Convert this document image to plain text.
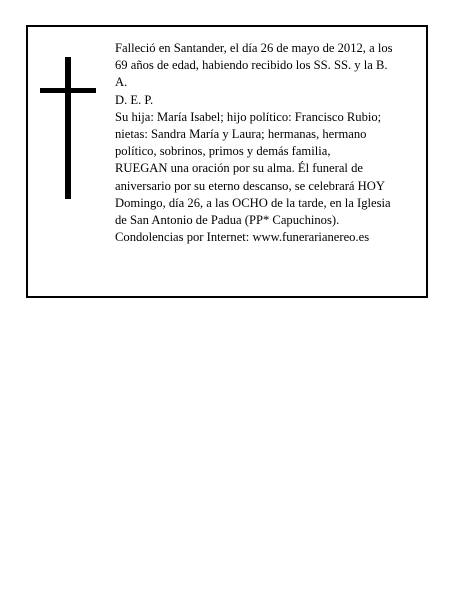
Falleció en Santander, el día 26 de mayo de 2012, a los
69 años de edad, habiendo recibido los SS. SS. y la B.
A.
D. E. P.
Su hija: María Isabel; hijo político: Francisco Rubio;
nietas: Sandra María y Laura; hermanas, hermano
político, sobrinos, primos y demás familia,
RUEGAN una oración por su alma. Él funeral de
aniversario por su eterno descanso, se celebrará HOY
Domingo, día 26, a las OCHO de la tarde, en la Iglesia
de San Antonio de Padua (PP* Capuchinos).
Condolencias por Internet: www.funerarianereo.es
